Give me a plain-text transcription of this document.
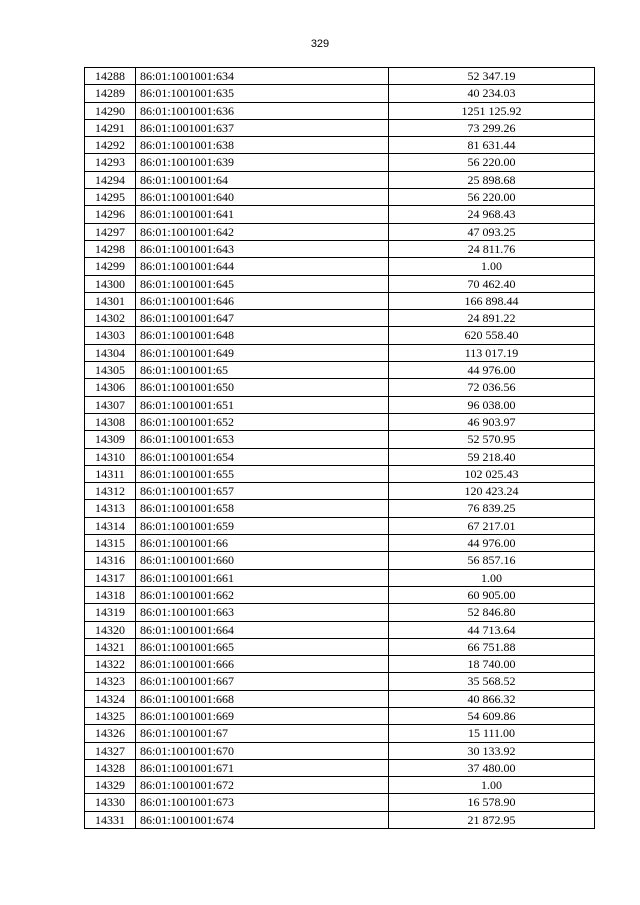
329
14288	86:01:1001001:634	52 347.19
14289	86:01:1001001:635	40 234.03
14290	86:01:1001001:636	1251 125.92
14291	86:01:1001001:637	73 299.26
14292	86:01:1001001:638	81 631.44
14293	86:01:1001001:639	56 220.00
14294	86:01:1001001:64	25 898.68
14295	86:01:1001001:640	56 220.00
14296	86:01:1001001:641	24 968.43
14297	86:01:1001001:642	47 093.25
14298	86:01:1001001:643	24 811.76
14299	86:01:1001001:644	1.00
14300	86:01:1001001:645	70 462.40
14301	86:01:1001001:646	166 898.44
14302	86:01:1001001:647	24 891.22
14303	86:01:1001001:648	620 558.40
14304	86:01:1001001:649	113 017.19
14305	86:01:1001001:65	44 976.00
14306	86:01:1001001:650	72 036.56
14307	86:01:1001001:651	96 038.00
14308	86:01:1001001:652	46 903.97
14309	86:01:1001001:653	52 570.95
14310	86:01:1001001:654	59 218.40
14311	86:01:1001001:655	102 025.43
14312	86:01:1001001:657	120 423.24
14313	86:01:1001001:658	76 839.25
14314	86:01:1001001:659	67 217.01
14315	86:01:1001001:66	44 976.00
14316	86:01:1001001:660	56 857.16
14317	86:01:1001001:661	1.00
14318	86:01:1001001:662	60 905.00
14319	86:01:1001001:663	52 846.80
14320	86:01:1001001:664	44 713.64
14321	86:01:1001001:665	66 751.88
14322	86:01:1001001:666	18 740.00
14323	86:01:1001001:667	35 568.52
14324	86:01:1001001:668	40 866.32
14325	86:01:1001001:669	54 609.86
14326	86:01:1001001:67	15 111.00
14327	86:01:1001001:670	30 133.92
14328	86:01:1001001:671	37 480.00
14329	86:01:1001001:672	1.00
14330	86:01:1001001:673	16 578.90
14331	86:01:1001001:674	21 872.95
